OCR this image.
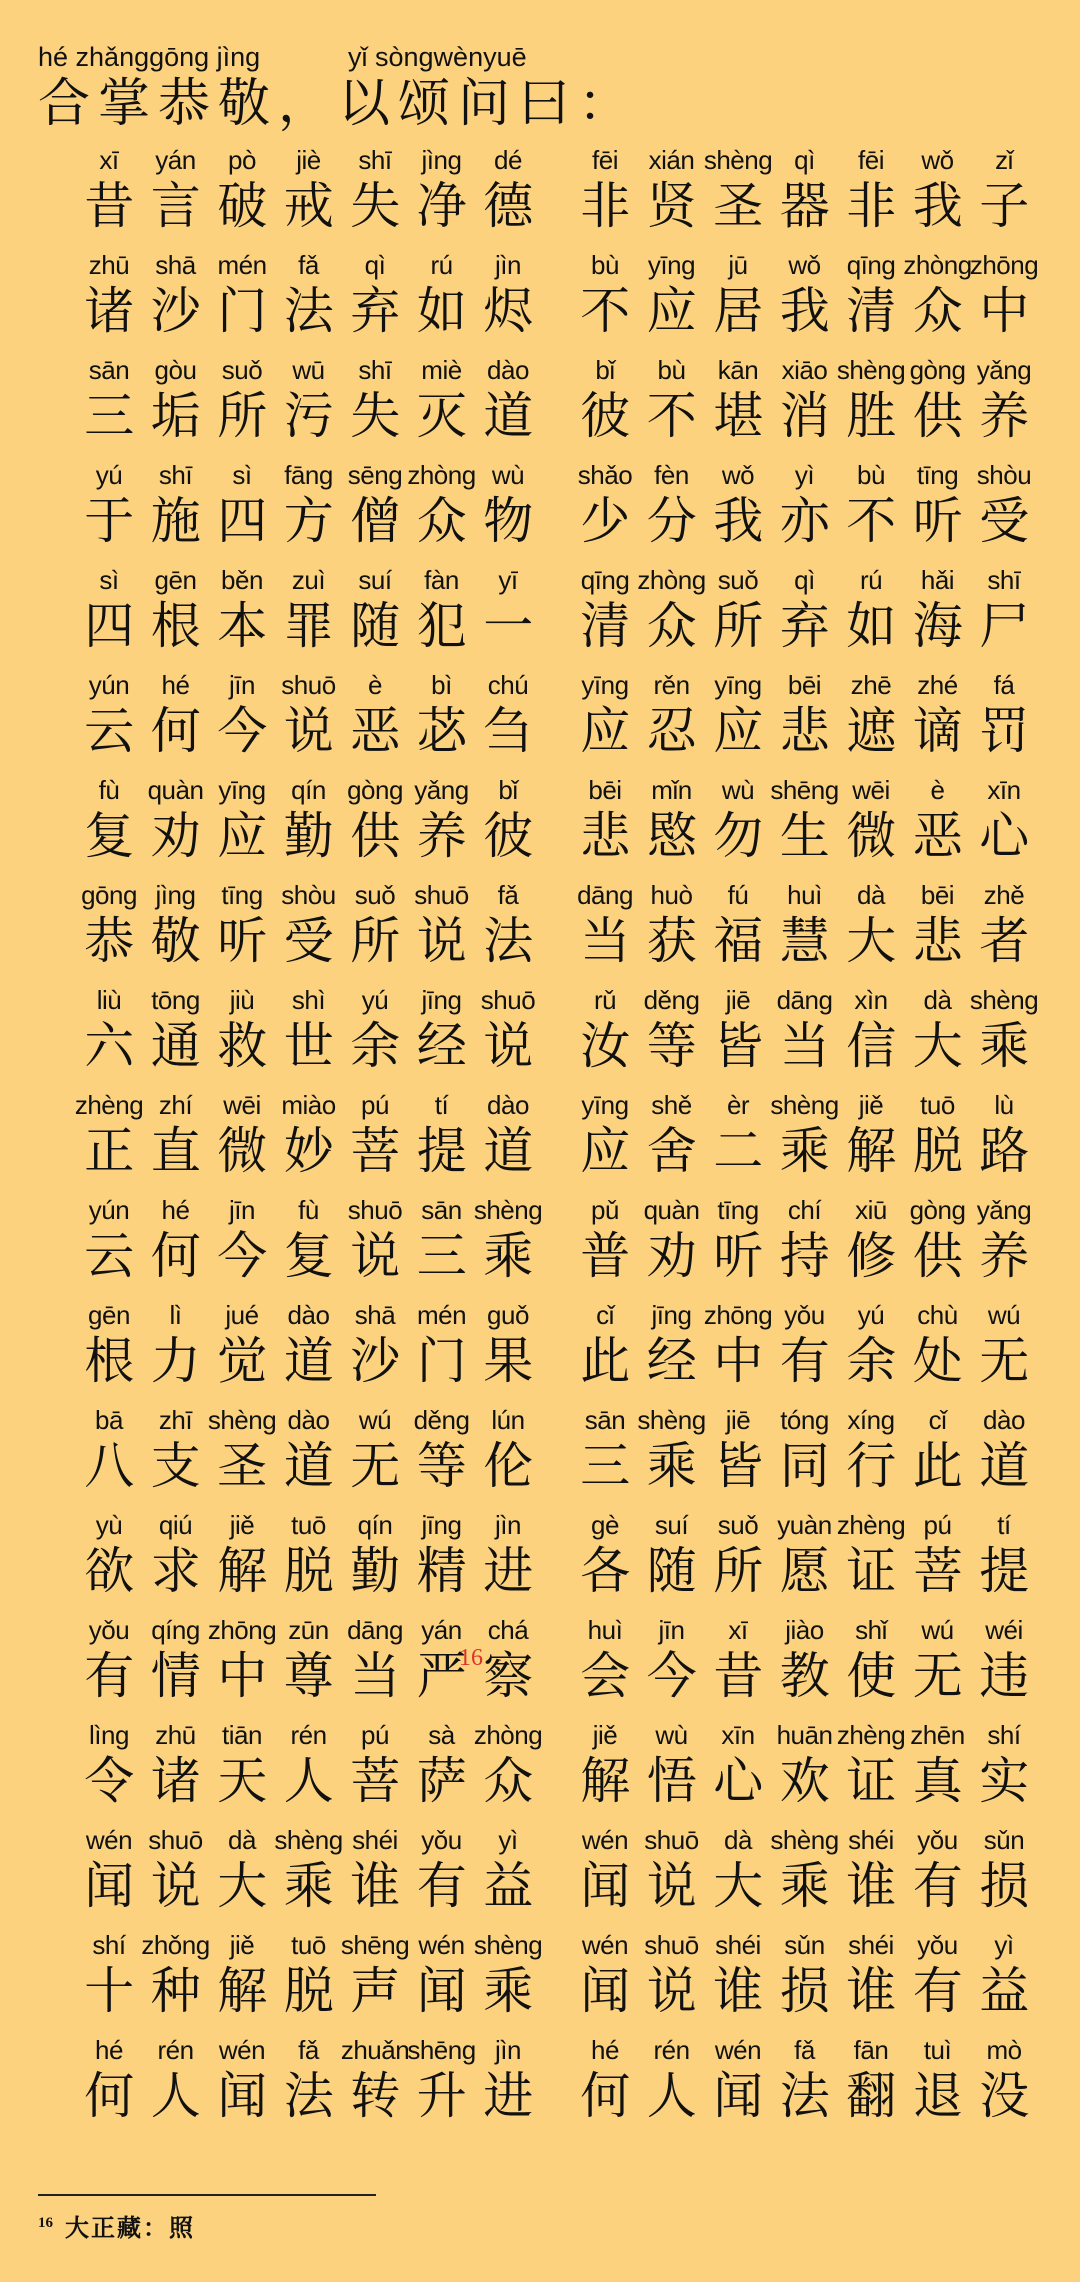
hé zhǎnggōng jìng	yǐ sòngwènyuē
合掌恭敬，以颂问曰：
xī
昔
yán
言
pò
破
jiè
戒
shī
失
jìng
净
dé
德
fēi
非
xián
贤
shèng
圣
qì
器
fēi
非
wǒ
我
zǐ
子
zhū
诸
shā
沙
mén
门
fǎ
法
qì
弃
rú
如
jìn
烬
bù
不
yīng
应
jū
居
wǒ
我
qīng
清
zhòng
众
zhōng
中
sān
三
gòu
垢
suǒ
所
wū
污
shī
失
miè
灭
dào
道
bǐ
彼
bù
不
kān
堪
xiāo
消
shèng
胜
gòng
供
yǎng
养
yú
于
shī
施
sì
四
fāng
方
sēng
僧
zhòng
众
wù
物
shǎo
少
fèn
分
wǒ
我
yì
亦
bù
不
tīng
听
shòu
受
sì
四
gēn
根
běn
本
zuì
罪
suí
随
fàn
犯
yī
一
qīng
清
zhòng
众
suǒ
所
qì
弃
rú
如
hǎi
海
shī
尸
yún
云
hé
何
jīn
今
shuō
说
è
恶
bì
苾
chú
刍
yīng
应
rěn
忍
yīng
应
bēi
悲
zhē
遮
zhé
谪
fá
罚
fù
复
quàn
劝
yīng
应
qín
勤
gòng
供
yǎng
养
bǐ
彼
bēi
悲
mǐn
愍
wù
勿
shēng
生
wēi
微
è
恶
xīn
心
gōng
恭
jìng
敬
tīng
听
shòu
受
suǒ
所
shuō
说
fǎ
法
dāng
当
huò
获
fú
福
huì
慧
dà
大
bēi
悲
zhě
者
liù
六
tōng
通
jiù
救
shì
世
yú
余
jīng
经
shuō
说
rǔ
汝
děng
等
jiē
皆
dāng
当
xìn
信
dà
大
shèng
乘
zhèng
正
zhí
直
wēi
微
miào
妙
pú
菩
tí
提
dào
道
yīng
应
shě
舍
èr
二
shèng
乘
jiě
解
tuō
脱
lù
路
yún
云
hé
何
jīn
今
fù
复
shuō
说
sān
三
shèng
乘
pǔ
普
quàn
劝
tīng
听
chí
持
xiū
修
gòng
供
yǎng
养
gēn
根
lì
力
jué
觉
dào
道
shā
沙
mén
门
guǒ
果
cǐ
此
jīng
经
zhōng
中
yǒu
有
yú
余
chù
处
wú
无
bā
八
zhī
支
shèng
圣
dào
道
wú
无
děng
等
lún
伦
sān
三
shèng
乘
jiē
皆
tóng
同
xíng
行
cǐ
此
dào
道
yù
欲
qiú
求
jiě
解
tuō
脱
qín
勤
jīng
精
jìn
进
gè
各
suí
随
suǒ
所
yuàn
愿
zhèng
证
pú
菩
tí
提
yǒu
有
qíng
情
zhōng
中
zūn
尊
dāng
当
yán
严
16
chá
察
huì
会
jīn
今
xī
昔
jiào
教
shǐ
使
wú
无
wéi
违
lìng
令
zhū
诸
tiān
天
rén
人
pú
菩
sà
萨
zhòng
众
jiě
解
wù
悟
xīn
心
huān
欢
zhèng
证
zhēn
真
shí
实
wén
闻
shuō
说
dà
大
shèng
乘
shéi
谁
yǒu
有
yì
益
wén
闻
shuō
说
dà
大
shèng
乘
shéi
谁
yǒu
有
sǔn
损
shí
十
zhǒng
种
jiě
解
tuō
脱
shēng
声
wén
闻
shèng
乘
wén
闻
shuō
说
shéi
谁
sǔn
损
shéi
谁
yǒu
有
yì
益
hé
何
rén
人
wén
闻
fǎ
法
zhuǎn
转
shēng
升
jìn
进
hé
何
rén
人
wén
闻
fǎ
法
fān
翻
tuì
退
mò
没
$^{16}$ 大正藏：照
